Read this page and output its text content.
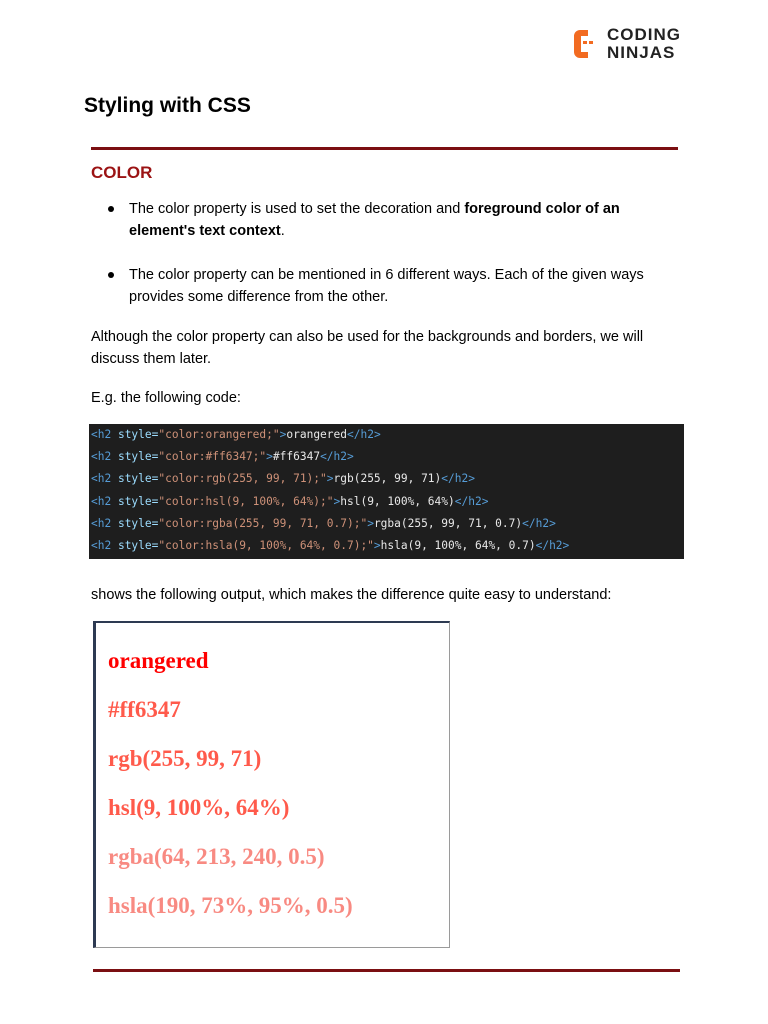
CODING
NINJAS
Styling with CSS
COLOR
The color property is used to set the decoration and foreground color of an element's text context.
The color property can be mentioned in 6 different ways. Each of the given ways provides some difference from the other.

Although the color property can also be used for the backgrounds and borders, we will discuss them later.

E.g. the following code:

<h2 style="color:orangered;">orangered</h2>
<h2 style="color:#ff6347;">#ff6347</h2>
<h2 style="color:rgb(255, 99, 71);">rgb(255, 99, 71)</h2>
<h2 style="color:hsl(9, 100%, 64%);">hsl(9, 100%, 64%)</h2>
<h2 style="color:rgba(255, 99, 71, 0.7);">rgba(255, 99, 71, 0.7)</h2>
<h2 style="color:hsla(9, 100%, 64%, 0.7);">hsla(9, 100%, 64%, 0.7)</h2>

shows the following output, which makes the difference quite easy to understand:

orangered

#ff6347

rgb(255, 99, 71)

hsl(9, 100%, 64%)

rgba(64, 213, 240, 0.5)

hsla(190, 73%, 95%, 0.5)
